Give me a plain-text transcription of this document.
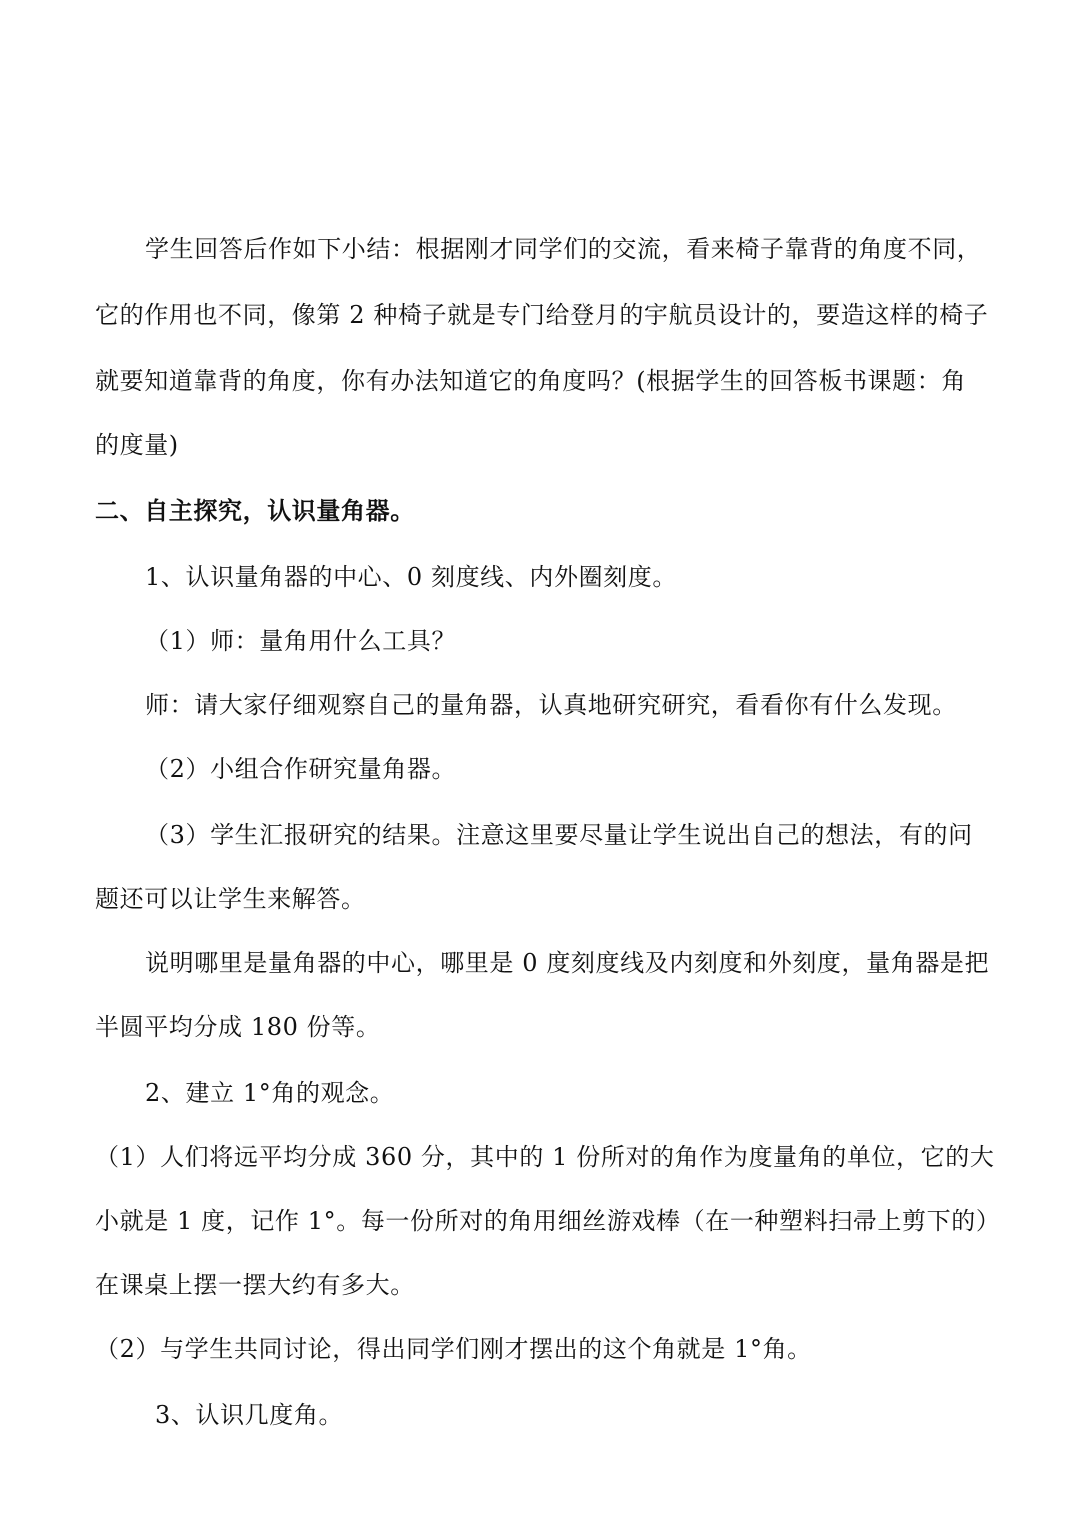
学生回答后作如下小结：根据刚才同学们的交流，看来椅子靠背的角度不同，
它的作用也不同，像第 2 种椅子就是专门给登月的宇航员设计的，要造这样的椅子
就要知道靠背的角度，你有办法知道它的角度吗？(根据学生的回答板书课题：角
的度量)
二、自主探究，认识量角器。
1、认识量角器的中心、0 刻度线、内外圈刻度。
（1）师：量角用什么工具？
师：请大家仔细观察自己的量角器，认真地研究研究，看看你有什么发现。
（2）小组合作研究量角器。
（3）学生汇报研究的结果。注意这里要尽量让学生说出自己的想法，有的问
题还可以让学生来解答。
说明哪里是量角器的中心，哪里是 0 度刻度线及内刻度和外刻度，量角器是把
半圆平均分成 180 份等。
2、建立 1°角的观念。
（1）人们将远平均分成 360 分，其中的 1 份所对的角作为度量角的单位，它的大
小就是 1 度，记作 1°。每一份所对的角用细丝游戏棒（在一种塑料扫帚上剪下的）
在课桌上摆一摆大约有多大。
（2）与学生共同讨论，得出同学们刚才摆出的这个角就是 1°角。
3、认识几度角。
